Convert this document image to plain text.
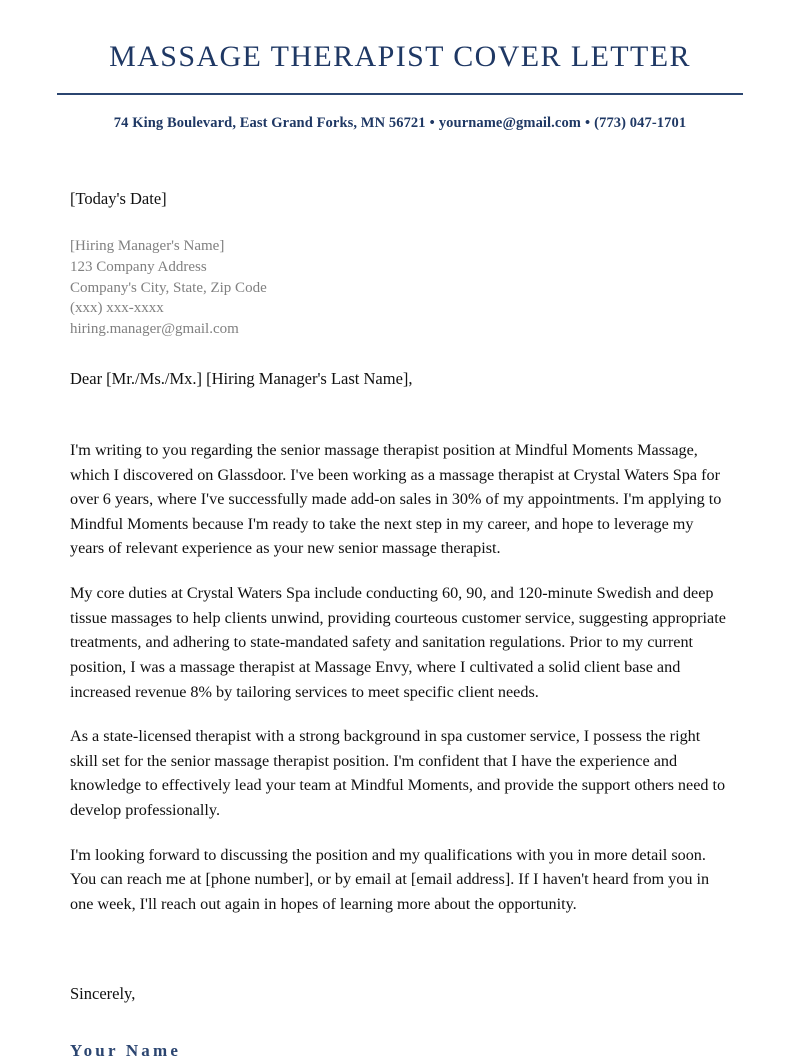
MASSAGE THERAPIST COVER LETTER
74 King Boulevard, East Grand Forks, MN 56721 • yourname@gmail.com • (773) 047-1701
[Today's Date]
[Hiring Manager's Name]
123 Company Address
Company's City, State, Zip Code
(xxx) xxx-xxxx
hiring.manager@gmail.com
Dear [Mr./Ms./Mx.] [Hiring Manager's Last Name],

I'm writing to you regarding the senior massage therapist position at Mindful Moments Massage, which I discovered on Glassdoor. I've been working as a massage therapist at Crystal Waters Spa for over 6 years, where I've successfully made add-on sales in 30% of my appointments. I'm applying to Mindful Moments because I'm ready to take the next step in my career, and hope to leverage my years of relevant experience as your new senior massage therapist.

My core duties at Crystal Waters Spa include conducting 60, 90, and 120-minute Swedish and deep tissue massages to help clients unwind, providing courteous customer service, suggesting appropriate treatments, and adhering to state-mandated safety and sanitation regulations. Prior to my current position, I was a massage therapist at Massage Envy, where I cultivated a solid client base and increased revenue 8% by tailoring services to meet specific client needs.

As a state-licensed therapist with a strong background in spa customer service, I possess the right skill set for the senior massage therapist position. I'm confident that I have the experience and knowledge to effectively lead your team at Mindful Moments, and provide the support others need to develop professionally.

I'm looking forward to discussing the position and my qualifications with you in more detail soon. You can reach me at [phone number], or by email at [email address]. If I haven't heard from you in one week, I'll reach out again in hopes of learning more about the opportunity.

Sincerely,
Your Name
